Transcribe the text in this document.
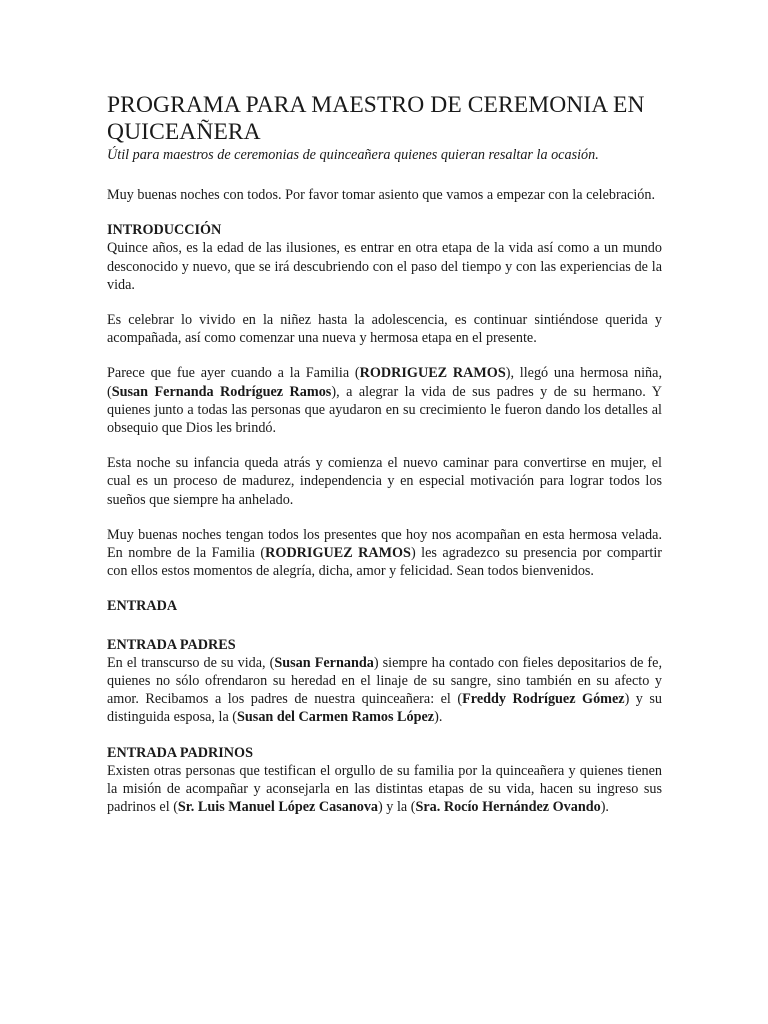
PROGRAMA PARA MAESTRO DE CEREMONIA EN QUICEAÑERA
Útil para maestros de ceremonias de quinceañera quienes quieran resaltar la ocasión.

Muy buenas noches con todos. Por favor tomar asiento que vamos a empezar con la celebración.

INTRODUCCIÓN

Quince años, es la edad de las ilusiones, es entrar en otra etapa de la vida así como a un mundo desconocido y nuevo, que se irá descubriendo con el paso del tiempo y con las experiencias de la vida.

Es celebrar lo vivido en la niñez hasta la adolescencia, es continuar sintiéndose querida y acompañada, así como comenzar una nueva y hermosa etapa en el presente.

Parece que fue ayer cuando a la Familia (RODRIGUEZ RAMOS), llegó una hermosa niña, (Susan Fernanda Rodríguez Ramos), a alegrar la vida de sus padres y de su hermano. Y quienes junto a todas las personas que ayudaron en su crecimiento le fueron dando los detalles al obsequio que Dios les brindó.

Esta noche su infancia queda atrás y comienza el nuevo caminar para convertirse en mujer, el cual es un proceso de madurez, independencia y en especial motivación para lograr todos los sueños que siempre ha anhelado.

Muy buenas noches tengan todos los presentes que hoy nos acompañan en esta hermosa velada. En nombre de la Familia (RODRIGUEZ RAMOS) les agradezco su presencia por compartir con ellos estos momentos de alegría, dicha, amor y felicidad. Sean todos bienvenidos.

ENTRADA
ENTRADA PADRES

En el transcurso de su vida, (Susan Fernanda) siempre ha contado con fieles depositarios de fe, quienes no sólo ofrendaron su heredad en el linaje de su sangre, sino también en su afecto y amor. Recibamos a los padres de nuestra quinceañera: el (Freddy Rodríguez Gómez) y su distinguida esposa, la (Susan del Carmen Ramos López).

ENTRADA PADRINOS

Existen otras personas que testifican el orgullo de su familia por la quinceañera y quienes tienen la misión de acompañar y aconsejarla en las distintas etapas de su vida, hacen su ingreso sus padrinos el (Sr. Luis Manuel López Casanova) y la (Sra. Rocío Hernández Ovando).
